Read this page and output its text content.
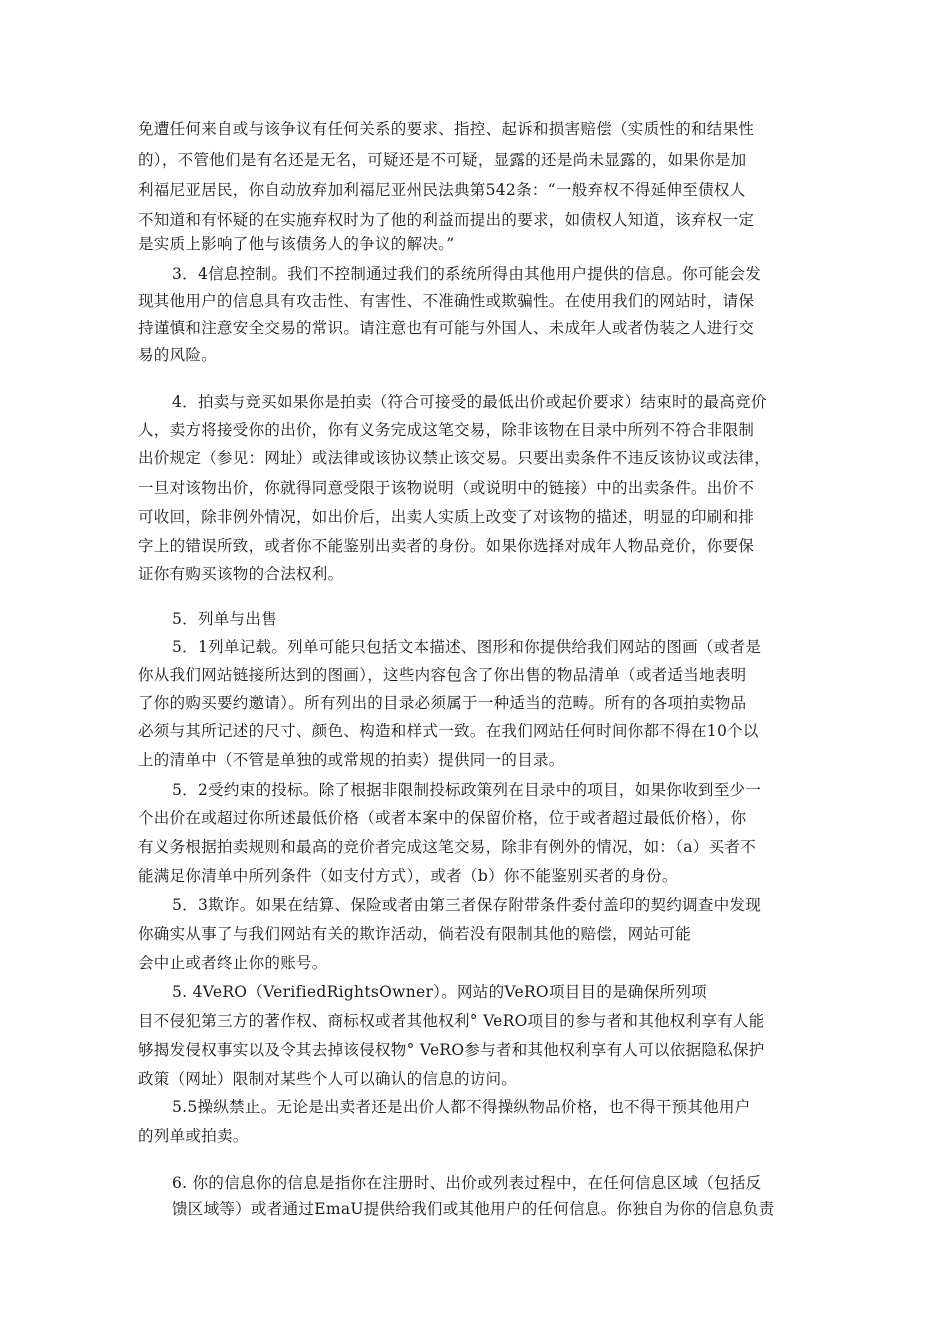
免遭任何来自或与该争议有任何关系的要求、指控、起诉和损害赔偿（实质性的和结果性

的），不管他们是有名还是无名，可疑还是不可疑，显露的还是尚未显露的，如果你是加

利福尼亚居民，你自动放弃加利福尼亚州民法典第542条：“一般弃权不得延伸至债权人

不知道和有怀疑的在实施弃权时为了他的利益而提出的要求，如债权人知道，该弃权一定

是实质上影响了他与该债务人的争议的解决。”

3．4信息控制。我们不控制通过我们的系统所得由其他用户提供的信息。你可能会发

现其他用户的信息具有攻击性、有害性、不准确性或欺骗性。在使用我们的网站时，请保

持谨慎和注意安全交易的常识。请注意也有可能与外国人、未成年人或者伪装之人进行交

易的风险。

4．拍卖与竞买如果你是拍卖（符合可接受的最低出价或起价要求）结束时的最高竞价

人，卖方将接受你的出价，你有义务完成这笔交易，除非该物在目录中所列不符合非限制

出价规定（参见：网址）或法律或该协议禁止该交易。只要出卖条件不违反该协议或法律，

一旦对该物出价，你就得同意受限于该物说明（或说明中的链接）中的出卖条件。出价不

可收回，除非例外情况，如出价后，出卖人实质上改变了对该物的描述，明显的印刷和排

字上的错误所致，或者你不能鉴别出卖者的身份。如果你选择对成年人物品竞价，你要保

证你有购买该物的合法权利。

5．列单与出售

5．1列单记载。列单可能只包括文本描述、图形和你提供给我们网站的图画（或者是

你从我们网站链接所达到的图画），这些内容包含了你出售的物品清单（或者适当地表明

了你的购买要约邀请）。所有列出的目录必须属于一种适当的范畴。所有的各项拍卖物品

必须与其所记述的尺寸、颜色、构造和样式一致。在我们网站任何时间你都不得在10个以

上的清单中（不管是单独的或常规的拍卖）提供同一的目录。

5．2受约束的投标。除了根据非限制投标政策列在目录中的项目，如果你收到至少一

个出价在或超过你所述最低价格（或者本案中的保留价格，位于或者超过最低价格），你

有义务根据拍卖规则和最高的竞价者完成这笔交易，除非有例外的情况，如：（a）买者不

能满足你清单中所列条件（如支付方式），或者（b）你不能鉴别买者的身份。

5．3欺诈。如果在结算、保险或者由第三者保存附带条件委付盖印的契约调查中发现

你确实从事了与我们网站有关的欺诈活动，倘若没有限制其他的赔偿，网站可能

会中止或者终止你的账号。

5. 4VeRO（VerifiedRightsOwner）。网站的VeRO项目目的是确保所列项

目不侵犯第三方的著作权、商标权或者其他权利° VeRO项目的参与者和其他权利享有人能

够揭发侵权事实以及令其去掉该侵权物° VeRO参与者和其他权利享有人可以依据隐私保护

政策（网址）限制对某些个人可以确认的信息的访问。

5.5操纵禁止。无论是出卖者还是出价人都不得操纵物品价格，也不得干预其他用户

的列单或拍卖。

6. 你的信息你的信息是指你在注册时、出价或列表过程中，在任何信息区域（包括反

馈区域等）或者通过EmaU提供给我们或其他用户的任何信息。你独自为你的信息负责
